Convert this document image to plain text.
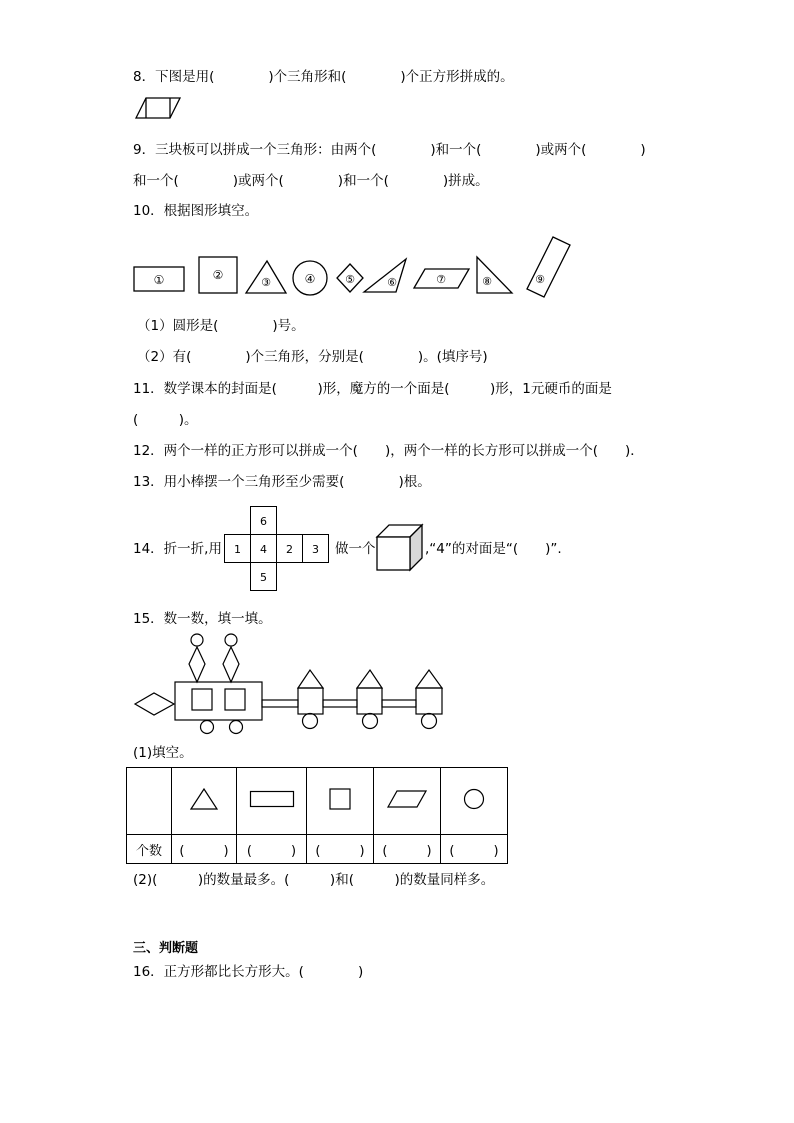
8．下图是用(　　　　)个三角形和(　　　　)个正方形拼成的。
9．三块板可以拼成一个三角形：由两个(　　　　)和一个(　　　　)或两个(　　　　)
和一个(　　　　)或两个(　　　　)和一个(　　　　)拼成。
10．根据图形填空。
①	②
③	④	⑤	⑥	⑦	⑧	⑨
（1）圆形是(　　　　)号。
（2）有(　　　　)个三角形，分别是(　　　　)。(填序号)
11．数学课本的封面是(　　　)形，魔方的一个面是(　　　)形，1元硬币的面是
(　　　)。
12．两个一样的正方形可以拼成一个(　　)，两个一样的长方形可以拼成一个(　　)．
13．用小棒摆一个三角形至少需要(　　　　)根。
14．折一折,用
6
1 4 2 3
5
做一个	,“4”的对面是“(　　)”.
15．数一数，填一填。
(1)填空。

个数	(　　　)	(　　　)	(　　　)	(　　　)	(　　　)
(2)(　　　)的数量最多。(　　　)和(　　　)的数量同样多。
三、判断题
16．正方形都比长方形大。(　　　　)
